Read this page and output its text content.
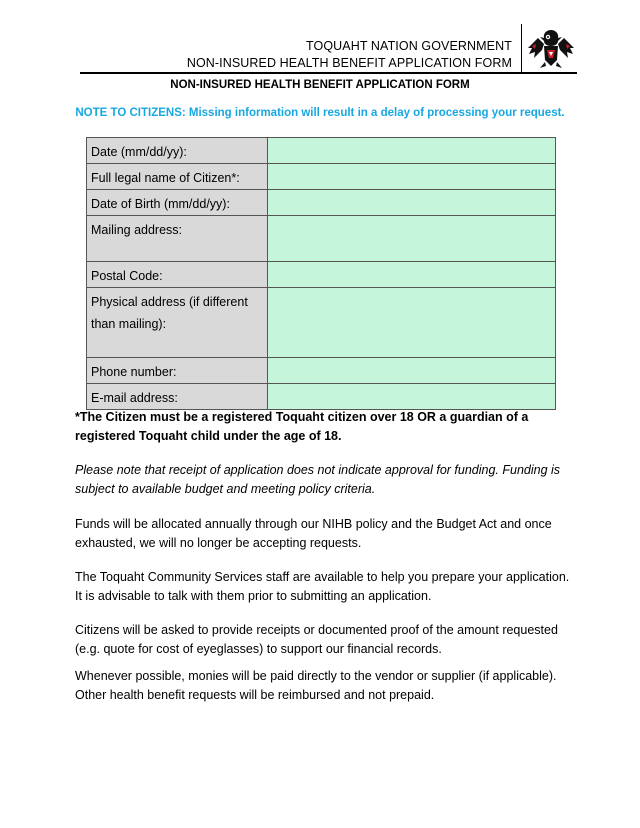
TOQUAHT NATION GOVERNMENT
NON-INSURED HEALTH BENEFIT APPLICATION FORM
NON-INSURED HEALTH BENEFIT APPLICATION FORM
NOTE TO CITIZENS: Missing information will result in a delay of processing your request.
Date (mm/dd/yy):	
Full legal name of Citizen*:	
Date of Birth (mm/dd/yy):	
Mailing address:	
Postal Code:	
Physical address (if different than mailing):	
Phone number:	
E-mail address:	
*The Citizen must be a registered Toquaht citizen over 18 OR a guardian of a registered Toquaht child under the age of 18.
Please note that receipt of application does not indicate approval for funding. Funding is subject to available budget and meeting policy criteria.
Funds will be allocated annually through our NIHB policy and the Budget Act and once exhausted, we will no longer be accepting requests.
The Toquaht Community Services staff are available to help you prepare your application. It is advisable to talk with them prior to submitting an application.
Citizens will be asked to provide receipts or documented proof of the amount requested (e.g. quote for cost of eyeglasses) to support our financial records.
Whenever possible, monies will be paid directly to the vendor or supplier (if applicable). Other health benefit requests will be reimbursed and not prepaid.
